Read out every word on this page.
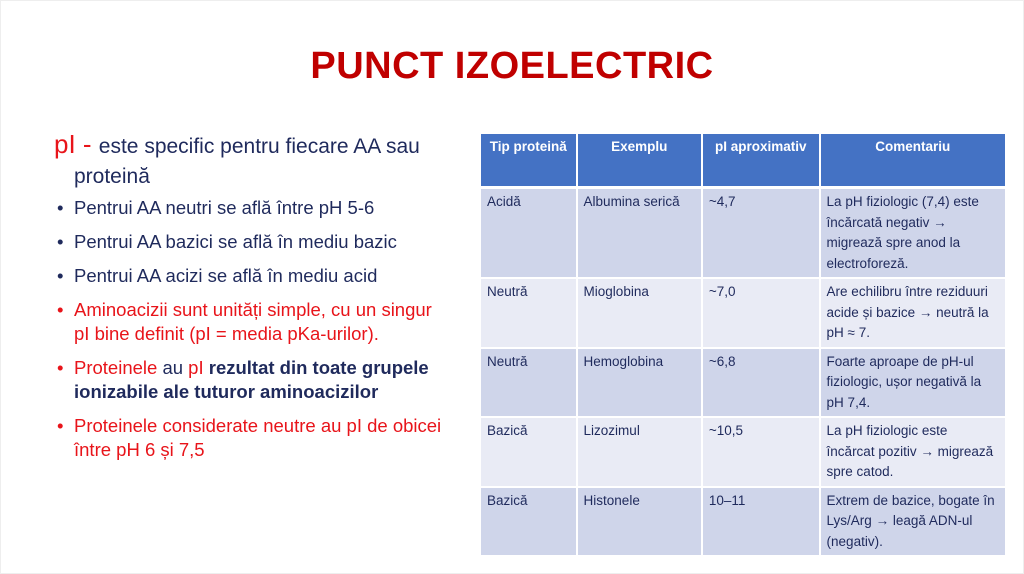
PUNCT IZOELECTRIC
pI - este specific pentru fiecare AA sau proteină
• Pentrui AA neutri se află între pH 5-6
• Pentrui AA bazici se află în mediu bazic
• Pentrui AA acizi se află în mediu acid
• Aminoacizii sunt unități simple, cu un singur pI bine definit (pI = media pKa-urilor).
• Proteinele au pI rezultat din toate grupele ionizabile ale tuturor aminoacizilor
• Proteinele considerate neutre au pI de obicei între pH 6 și 7,5
Tip proteină	Exemplu	pI aproximativ	Comentariu
Acidă	Albumina serică	~4,7	La pH fiziologic (7,4) este încărcată negativ → migrează spre anod la electroforeză.
Neutră	Mioglobina	~7,0	Are echilibru între reziduuri acide și bazice → neutră la pH ≈ 7.
Neutră	Hemoglobina	~6,8	Foarte aproape de pH-ul fiziologic, ușor negativă la pH 7,4.
Bazică	Lizozimul	~10,5	La pH fiziologic este încărcat pozitiv → migrează spre catod.
Bazică	Histonele	10–11	Extrem de bazice, bogate în Lys/Arg → leagă ADN-ul (negativ).
